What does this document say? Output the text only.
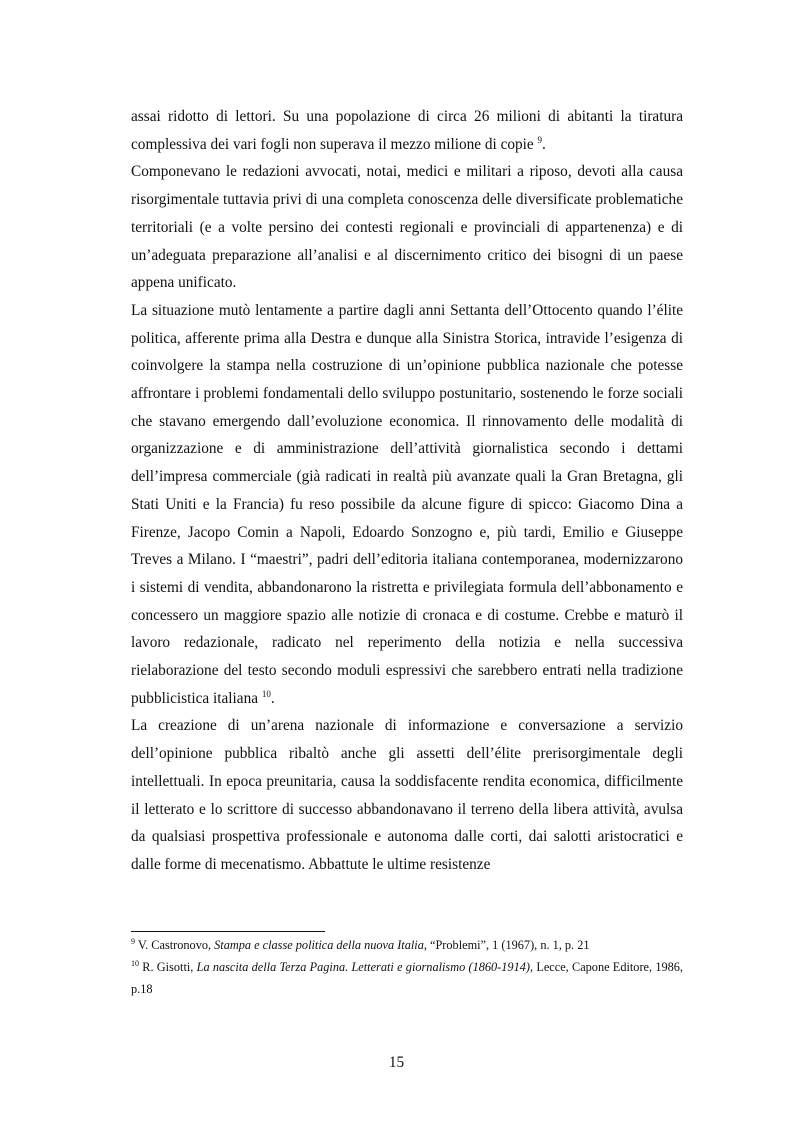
assai ridotto di lettori. Su una popolazione di circa 26 milioni di abitanti la tiratura complessiva dei vari fogli non superava il mezzo milione di copie $^9$.

Componevano le redazioni avvocati, notai, medici e militari a riposo, devoti alla causa risorgimentale tuttavia privi di una completa conoscenza delle diversificate problematiche territoriali (e a volte persino dei contesti regionali e provinciali di appartenenza) e di un’adeguata preparazione all’analisi e al discernimento critico dei bisogni di un paese appena unificato.

La situazione mutò lentamente a partire dagli anni Settanta dell’Ottocento quando l’élite politica, afferente prima alla Destra e dunque alla Sinistra Storica, intravide l’esigenza di coinvolgere la stampa nella costruzione di un’opinione pubblica nazionale che potesse affrontare i problemi fondamentali dello sviluppo postunitario, sostenendo le forze sociali che stavano emergendo dall’evoluzione economica. Il rinnovamento delle modalità di organizzazione e di amministrazione dell’attività giornalistica secondo i dettami dell’impresa commerciale (già radicati in realtà più avanzate quali la Gran Bretagna, gli Stati Uniti e la Francia) fu reso possibile da alcune figure di spicco: Giacomo Dina a Firenze, Jacopo Comin a Napoli, Edoardo Sonzogno e, più tardi, Emilio e Giuseppe Treves a Milano. I “maestri”, padri dell’editoria italiana contemporanea, modernizzarono i sistemi di vendita, abbandonarono la ristretta e privilegiata formula dell’abbonamento e concessero un maggiore spazio alle notizie di cronaca e di costume. Crebbe e maturò il lavoro redazionale, radicato nel reperimento della notizia e nella successiva rielaborazione del testo secondo moduli espressivi che sarebbero entrati nella tradizione pubblicistica italiana $^{10}$.

La creazione di un’arena nazionale di informazione e conversazione a servizio dell’opinione pubblica ribaltò anche gli assetti dell’élite prerisorgimentale degli intellettuali. In epoca preunitaria, causa la soddisfacente rendita economica, difficilmente il letterato e lo scrittore di successo abbandonavano il terreno della libera attività, avulsa da qualsiasi prospettiva professionale e autonoma dalle corti, dai salotti aristocratici e dalle forme di mecenatismo. Abbattute le ultime resistenze

$^9$ V. Castronovo, Stampa e classe politica della nuova Italia, “Problemi”, 1 (1967), n. 1, p. 21

$^{10}$ R. Gisotti, La nascita della Terza Pagina. Letterati e giornalismo (1860-1914), Lecce, Capone Editore, 1986, p.18

15
